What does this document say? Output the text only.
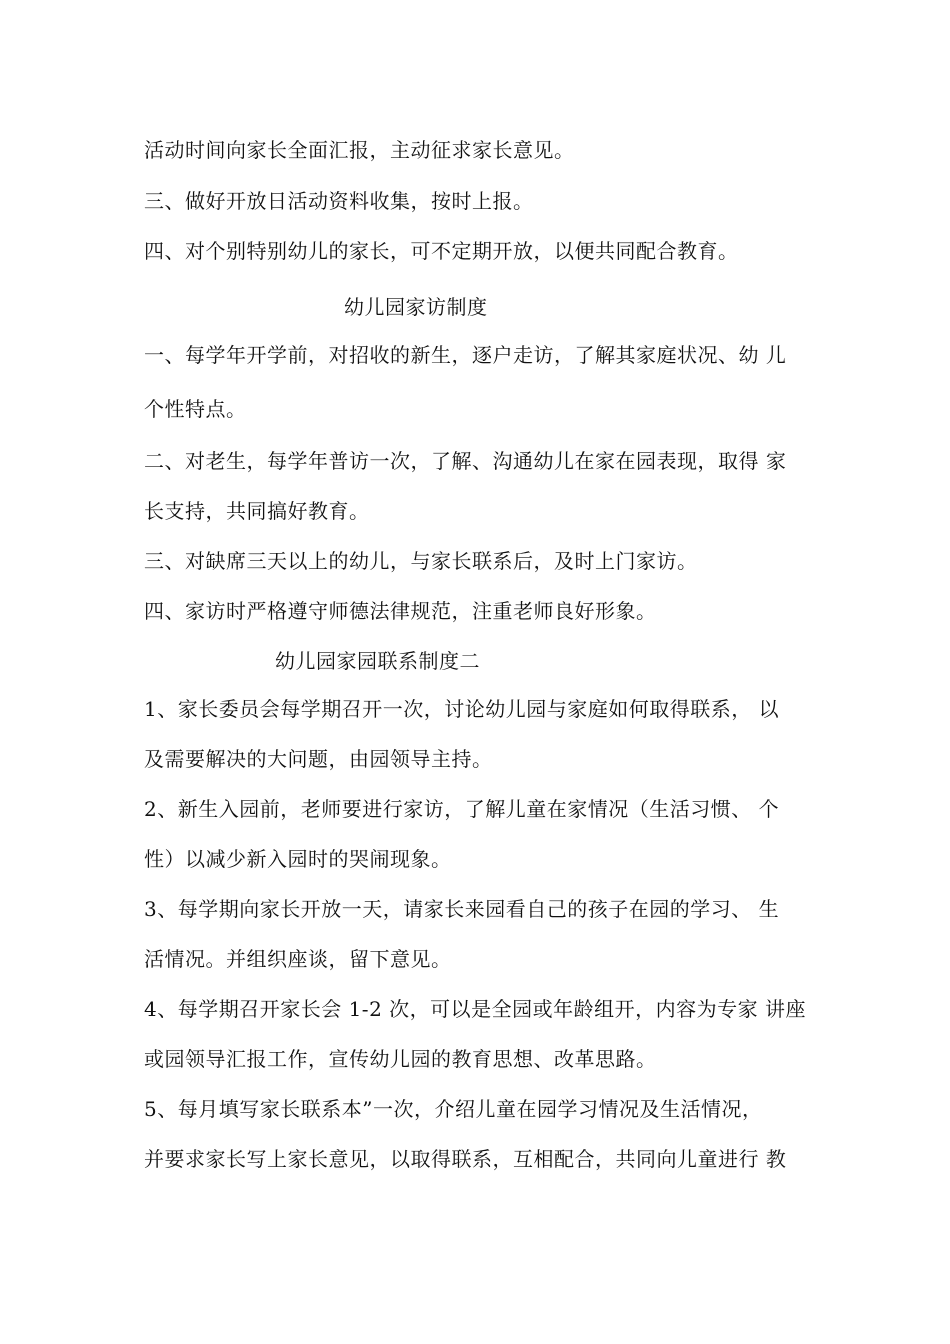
活动时间向家长全面汇报，主动征求家长意见。
三、做好开放日活动资料收集，按时上报。
四、对个别特别幼儿的家长，可不定期开放，以便共同配合教育。
幼儿园家访制度
一、每学年开学前，对招收的新生，逐户走访，了解其家庭状况、幼 儿
个性特点。
二、对老生，每学年普访一次，了解、沟通幼儿在家在园表现，取得 家
长支持，共同搞好教育。
三、对缺席三天以上的幼儿，与家长联系后，及时上门家访。
四、家访时严格遵守师德法律规范，注重老师良好形象。
幼儿园家园联系制度二
1、家长委员会每学期召开一次，讨论幼儿园与家庭如何取得联系， 以
及需要解决的大问题，由园领导主持。
2、新生入园前，老师要进行家访，了解儿童在家情况（生活习惯、 个
性）以减少新入园时的哭闹现象。
3、每学期向家长开放一天，请家长来园看自己的孩子在园的学习、 生
活情况。并组织座谈，留下意见。
4、每学期召开家长会 1-2 次，可以是全园或年龄组开，内容为专家 讲座
或园领导汇报工作，宣传幼儿园的教育思想、改革思路。
5、每月填写家长联系本”一次，介绍儿童在园学习情况及生活情况，
并要求家长写上家长意见，以取得联系，互相配合，共同向儿童进行 教
